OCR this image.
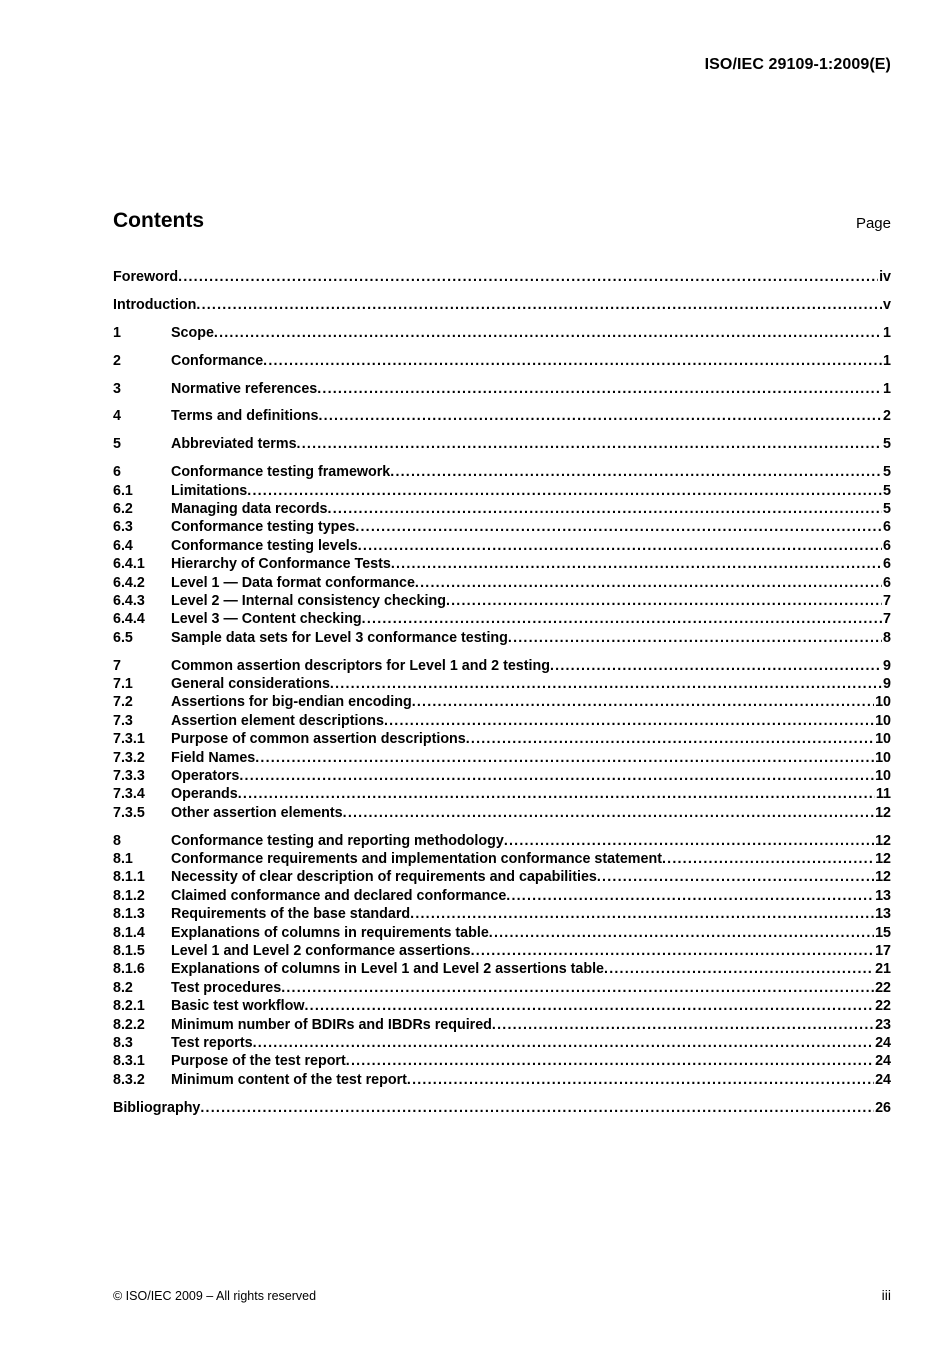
ISO/IEC 29109-1:2009(E)
Contents	Page
Foreword .....	iv
Introduction .....	v
1	Scope .....	1
2	Conformance .....	1
3	Normative references .....	1
4	Terms and definitions .....	2
5	Abbreviated terms .....	5
6	Conformance testing framework .....	5
6.1	Limitations .....	5
6.2	Managing data records .....	5
6.3	Conformance testing types .....	6
6.4	Conformance testing levels .....	6
6.4.1	Hierarchy of Conformance Tests .....	6
6.4.2	Level 1 — Data format conformance .....	6
6.4.3	Level 2 — Internal consistency checking .....	7
6.4.4	Level 3 — Content checking .....	7
6.5	Sample data sets for Level 3 conformance testing .....	8
7	Common assertion descriptors for Level 1 and 2 testing .....	9
7.1	General considerations .....	9
7.2	Assertions for big-endian encoding .....	10
7.3	Assertion element descriptions .....	10
7.3.1	Purpose of common assertion descriptions .....	10
7.3.2	Field Names .....	10
7.3.3	Operators .....	10
7.3.4	Operands .....	11
7.3.5	Other assertion elements .....	12
8	Conformance testing and reporting methodology .....	12
8.1	Conformance requirements and implementation conformance statement .....	12
8.1.1	Necessity of clear description of requirements and capabilities .....	12
8.1.2	Claimed conformance and declared conformance .....	13
8.1.3	Requirements of the base standard .....	13
8.1.4	Explanations of columns in requirements table .....	15
8.1.5	Level 1 and Level 2 conformance assertions .....	17
8.1.6	Explanations of columns in Level 1 and Level 2 assertions table .....	21
8.2	Test procedures .....	22
8.2.1	Basic test workflow .....	22
8.2.2	Minimum number of BDIRs and IBDRs required .....	23
8.3	Test reports .....	24
8.3.1	Purpose of the test report .....	24
8.3.2	Minimum content of the test report .....	24
Bibliography .....	26
© ISO/IEC 2009 – All rights reserved	iii
